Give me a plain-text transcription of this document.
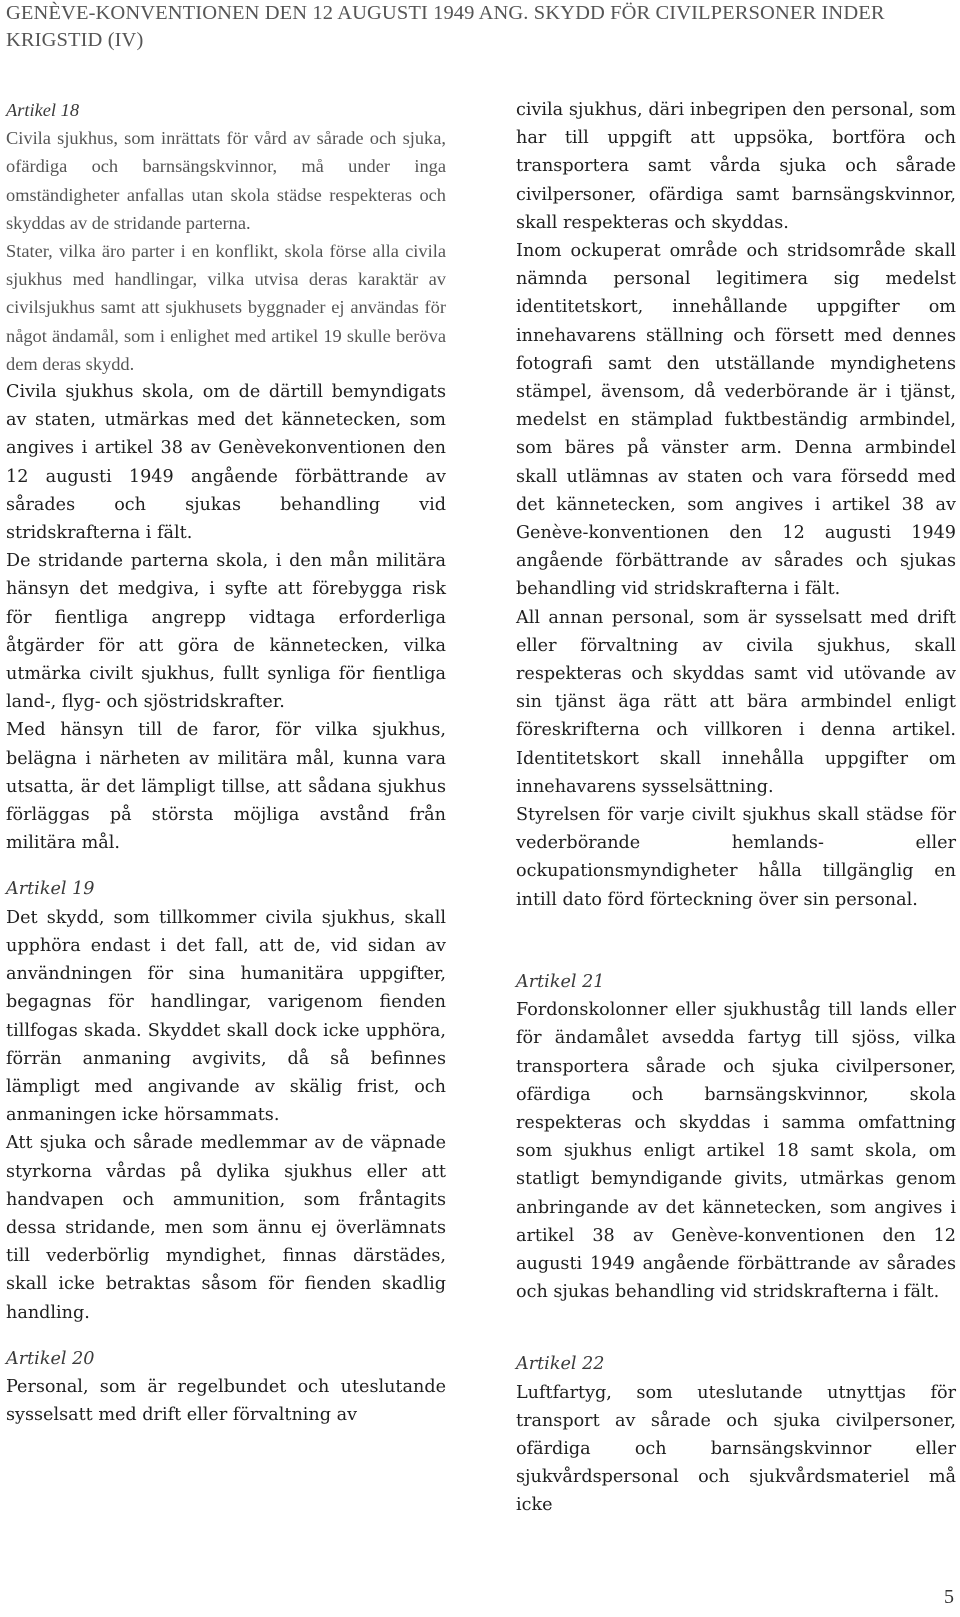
GENÈVE-KONVENTIONEN DEN 12 AUGUSTI 1949 ANG. SKYDD FÖR CIVILPERSONER INDER KRIGSTID (IV)

Artikel 18

Civila sjukhus, som inrättats för vård av sårade och sjuka, ofärdiga och barnsängskvinnor, må under inga omständigheter anfallas utan skola städse respekteras och skyddas av de stridande parterna.

Stater, vilka äro parter i en konflikt, skola förse alla civila sjukhus med handlingar, vilka utvisa deras karaktär av civilsjukhus samt att sjukhusets byggnader ej användas för något ändamål, som i enlighet med artikel 19 skulle beröva dem deras skydd.

Civila sjukhus skola, om de därtill bemyndigats av staten, utmärkas med det kännetecken, som angives i artikel 38 av Genèvekonventionen den 12 augusti 1949 angående förbättrande av sårades och sjukas behandling vid stridskrafterna i fält.

De stridande parterna skola, i den mån militära hänsyn det medgiva, i syfte att förebygga risk för fientliga angrepp vidtaga erforderliga åtgärder för att göra de kännetecken, vilka utmärka civilt sjukhus, fullt synliga för fientliga land-, flyg- och sjöstridskrafter.

Med hänsyn till de faror, för vilka sjukhus, belägna i närheten av militära mål, kunna vara utsatta, är det lämpligt tillse, att sådana sjukhus förläggas på största möjliga avstånd från militära mål.

Artikel 19

Det skydd, som tillkommer civila sjukhus, skall upphöra endast i det fall, att de, vid sidan av användningen för sina humanitära uppgifter, begagnas för handlingar, varigenom fienden tillfogas skada. Skyddet skall dock icke upphöra, förrän anmaning avgivits, då så befinnes lämpligt med angivande av skälig frist, och anmaningen icke hörsammats.

Att sjuka och sårade medlemmar av de väpnade styrkorna vårdas på dylika sjukhus eller att handvapen och ammunition, som fråntagits dessa stridande, men som ännu ej överlämnats till vederbörlig myndighet, finnas därstädes, skall icke betraktas såsom för fienden skadlig handling.

Artikel 20

Personal, som är regelbundet och uteslutande sysselsatt med drift eller förvaltning av

civila sjukhus, däri inbegripen den personal, som har till uppgift att uppsöka, bortföra och transportera samt vårda sjuka och sårade civilpersoner, ofärdiga samt barnsängskvinnor, skall respekteras och skyddas.

Inom ockuperat område och stridsområde skall nämnda personal legitimera sig medelst identitetskort, innehållande uppgifter om innehavarens ställning och försett med dennes fotografi samt den utställande myndighetens stämpel, ävensom, då vederbörande är i tjänst, medelst en stämplad fuktbeständig armbindel, som bäres på vänster arm. Denna armbindel skall utlämnas av staten och vara försedd med det kännetecken, som angives i artikel 38 av Genève-konventionen den 12 augusti 1949 angående förbättrande av sårades och sjukas behandling vid stridskrafterna i fält.

All annan personal, som är sysselsatt med drift eller förvaltning av civila sjukhus, skall respekteras och skyddas samt vid utövande av sin tjänst äga rätt att bära armbindel enligt föreskrifterna och villkoren i denna artikel. Identitetskort skall innehålla uppgifter om innehavarens sysselsättning.

Styrelsen för varje civilt sjukhus skall städse för vederbörande hemlands- eller ockupationsmyndigheter hålla tillgänglig en intill dato förd förteckning över sin personal.

Artikel 21

Fordonskolonner eller sjukhuståg till lands eller för ändamålet avsedda fartyg till sjöss, vilka transportera sårade och sjuka civilpersoner, ofärdiga och barnsängskvinnor, skola respekteras och skyddas i samma omfattning som sjukhus enligt artikel 18 samt skola, om statligt bemyndigande givits, utmärkas genom anbringande av det kännetecken, som angives i artikel 38 av Genève-konventionen den 12 augusti 1949 angående förbättrande av sårades och sjukas behandling vid stridskrafterna i fält.

Artikel 22

Luftfartyg, som uteslutande utnyttjas för transport av sårade och sjuka civilpersoner, ofärdiga och barnsängskvinnor eller sjukvårdspersonal och sjukvårdsmateriel må icke

5
